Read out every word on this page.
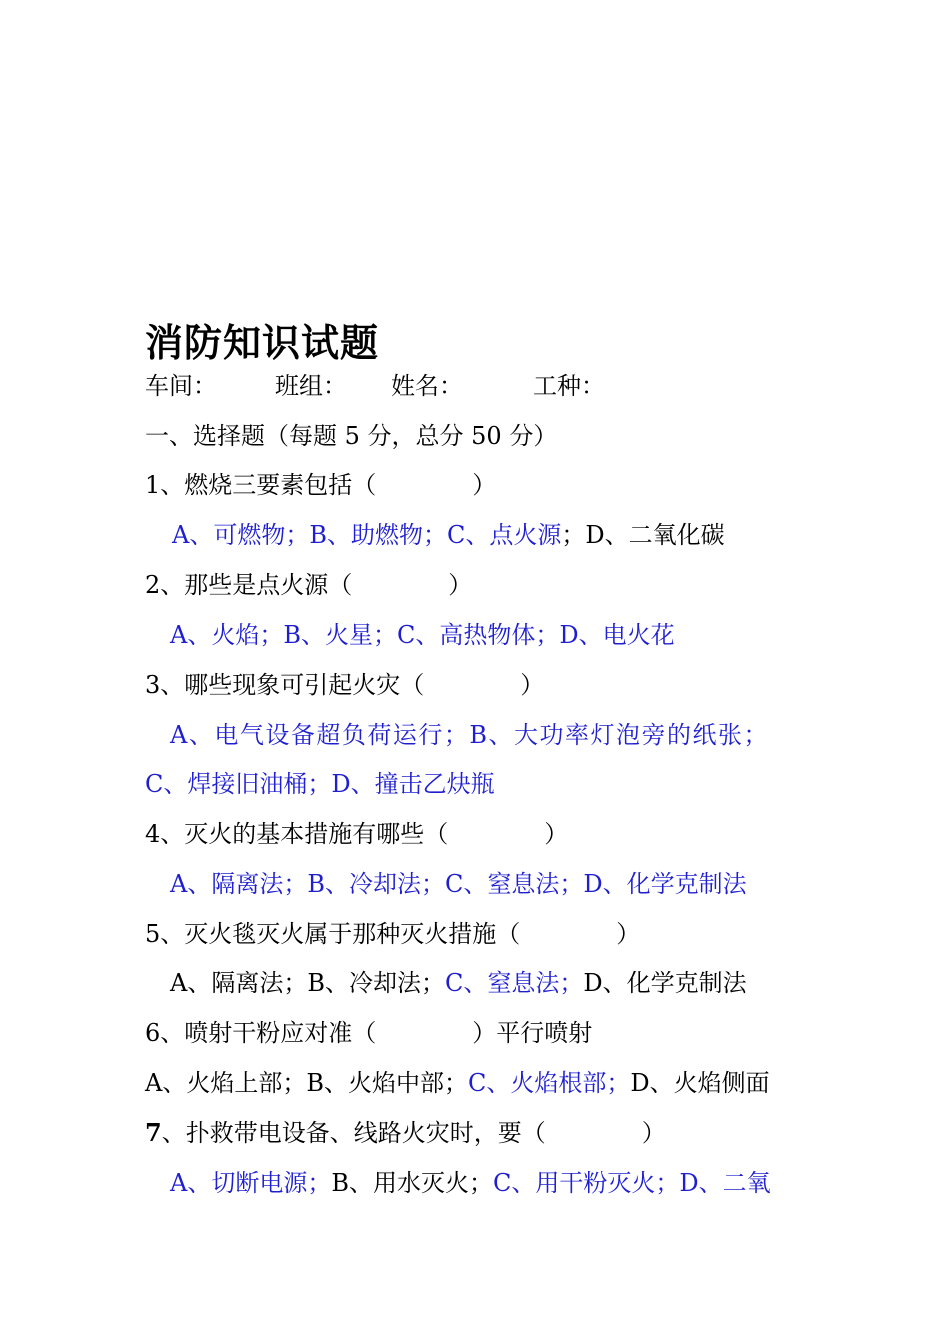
消防知识试题
车间： 班组： 姓名：	工种：
一、选择题（每题 5 分，总分 50 分）
1、燃烧三要素包括（　　　　）
A、可燃物；B、助燃物；C、点火源；D、二氧化碳
2、那些是点火源（　　　　）
A、火焰；B、火星；C、高热物体；D、电火花
3、哪些现象可引起火灾（　　　　）
A、电气设备超负荷运行；B、大功率灯泡旁的纸张；
C、焊接旧油桶；D、撞击乙炔瓶
4、灭火的基本措施有哪些（　　　　）
A、隔离法；B、冷却法；C、窒息法；D、化学克制法
5、灭火毯灭火属于那种灭火措施（　　　　）
A、隔离法；B、冷却法；C、窒息法；D、化学克制法
6、喷射干粉应对准（　　　　）平行喷射
A、火焰上部；B、火焰中部；C、火焰根部；D、火焰侧面
7、扑救带电设备、线路火灾时，要（　　　　）
A、切断电源；B、用水灭火；C、用干粉灭火；D、二氧
